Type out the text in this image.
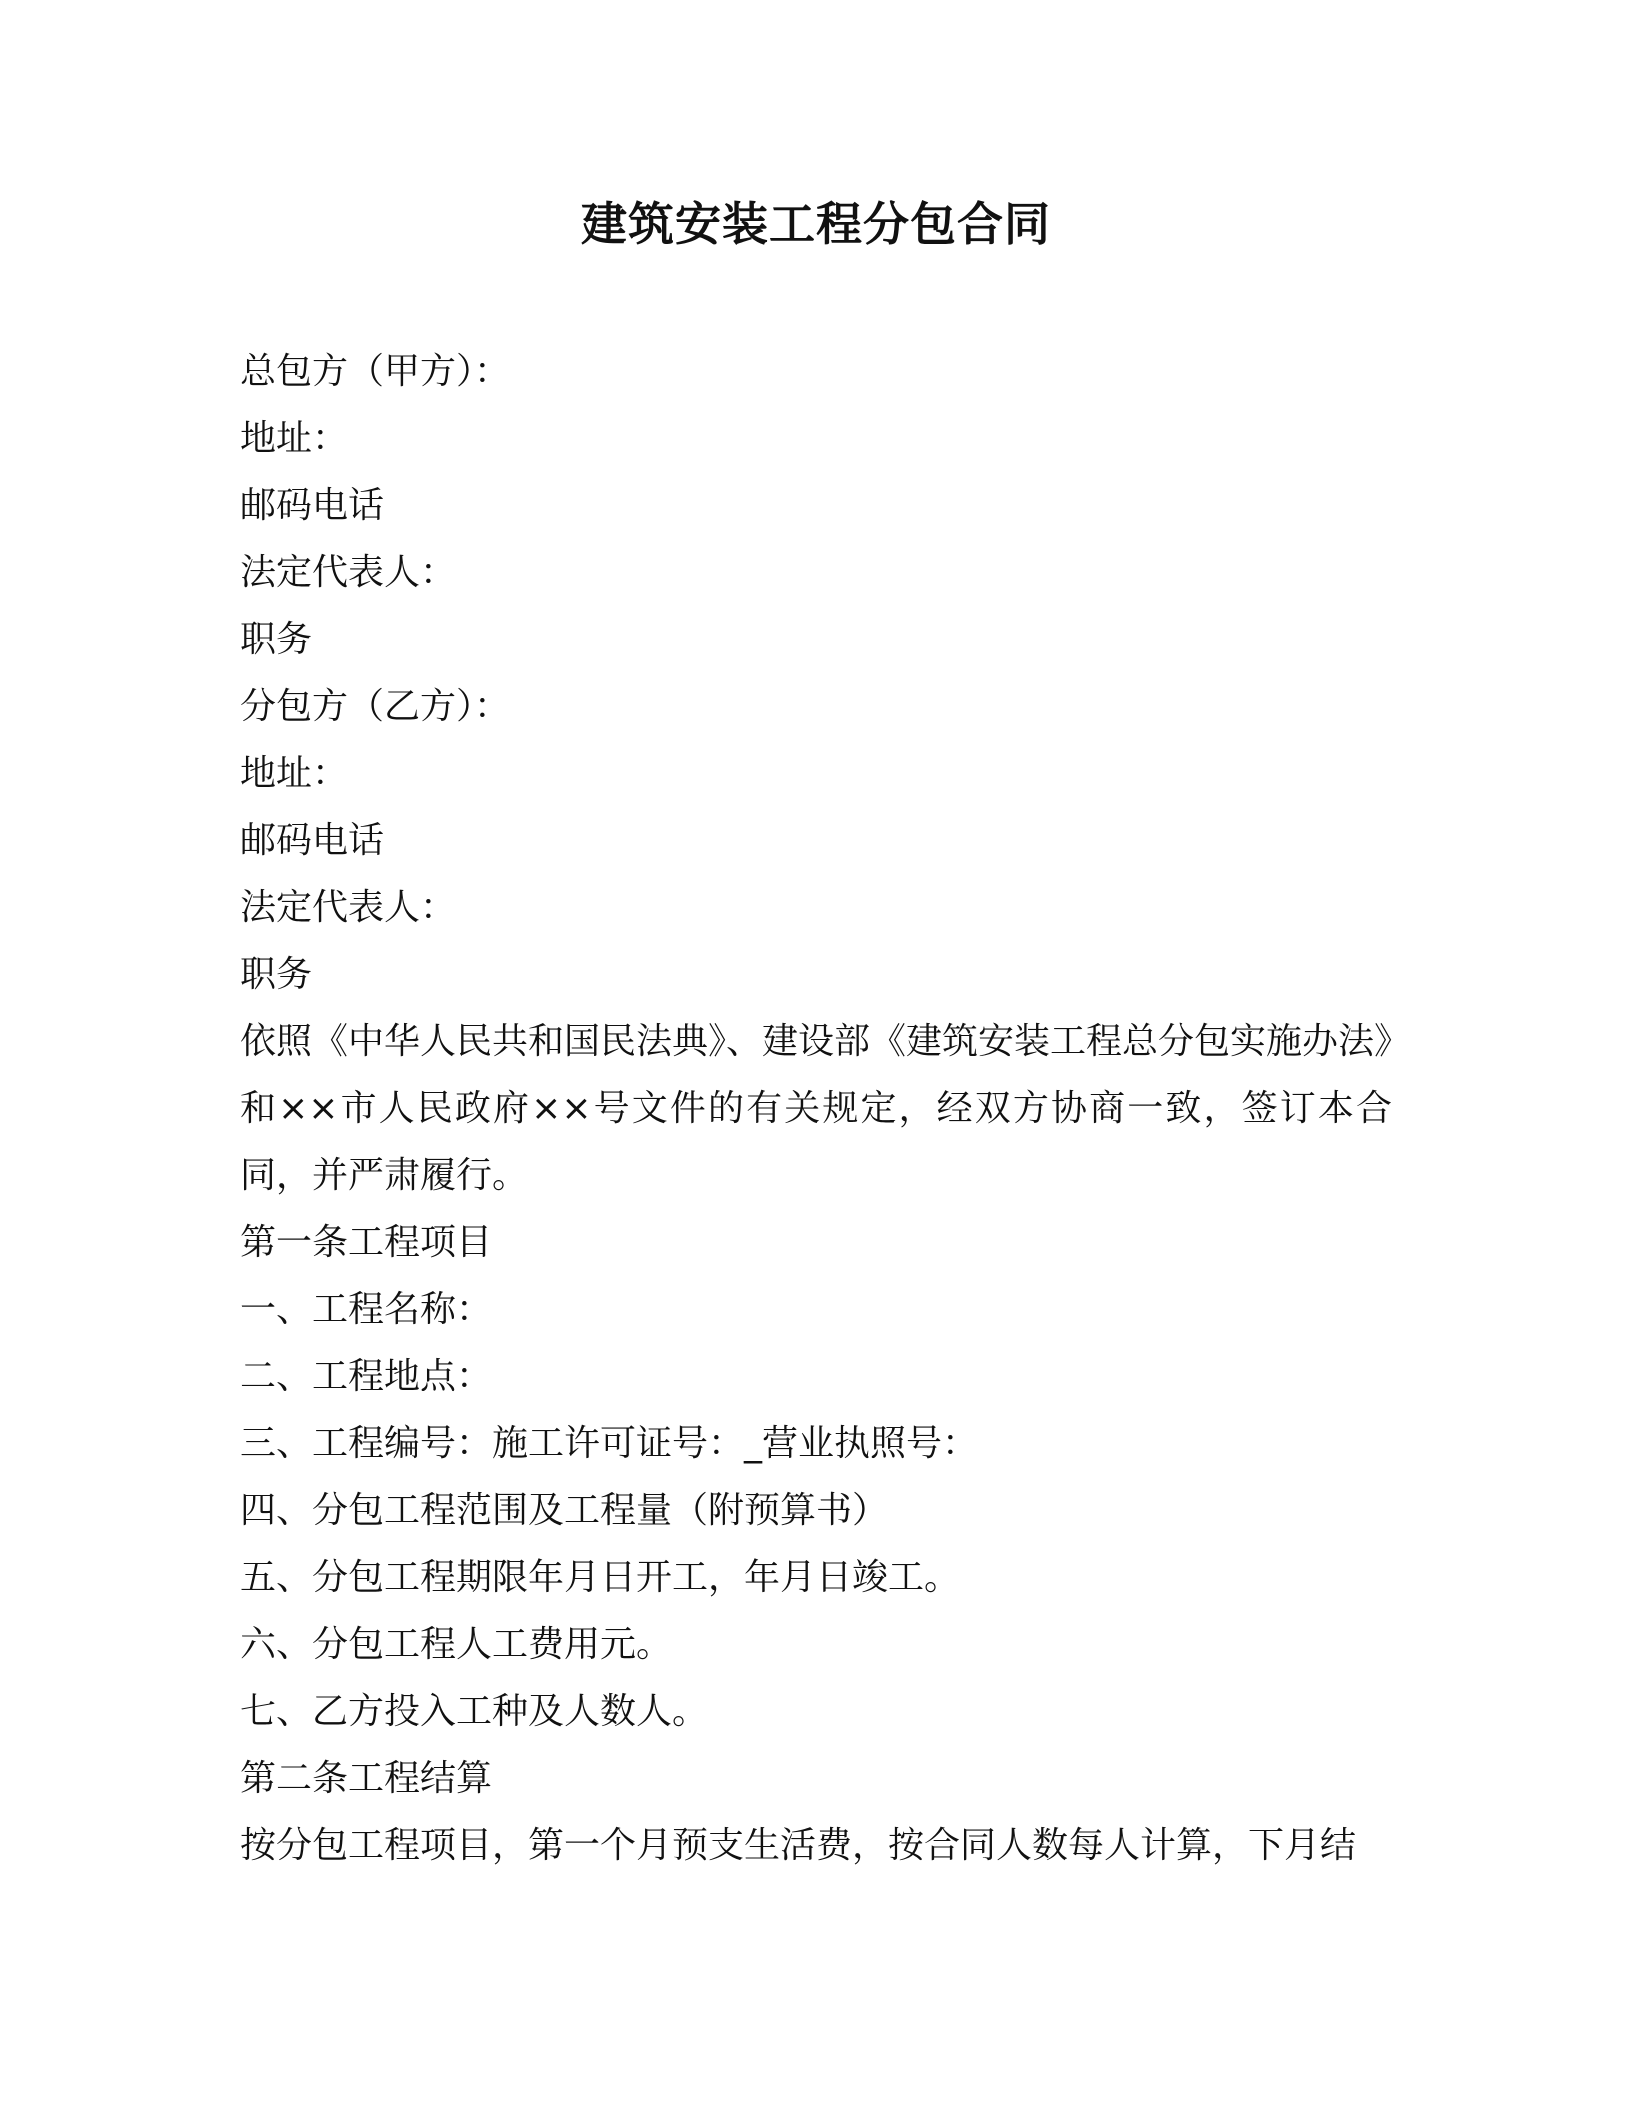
建筑安装工程分包合同
总包方（甲方）：
地址：
邮码电话
法定代表人：
职务
分包方（乙方）：
地址：
邮码电话
法定代表人：
职务

依照《中华人民共和国民法典》、建设部《建筑安装工程总分包实施办法》和××市人民政府××号文件的有关规定，经双方协商一致，签订本合同，并严肃履行。

第一条工程项目
一、工程名称：
二、工程地点：
三、工程编号：施工许可证号：_营业执照号：
四、分包工程范围及工程量（附预算书）
五、分包工程期限年月日开工，年月日竣工。
六、分包工程人工费用元。
七、乙方投入工种及人数人。
第二条工程结算
按分包工程项目，第一个月预支生活费，按合同人数每人计算，下月结
